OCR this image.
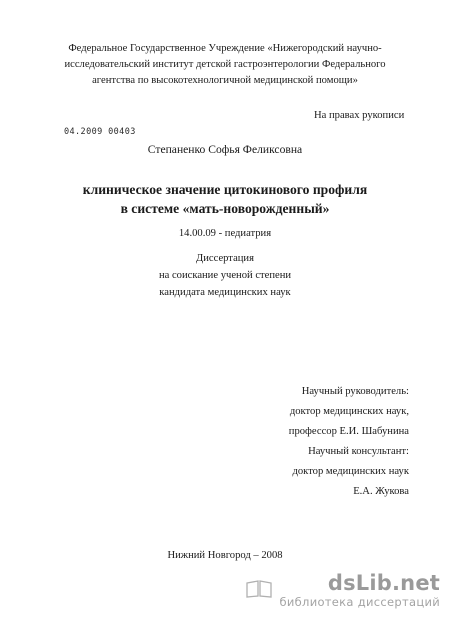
Федеральное Государственное Учреждение «Нижегородский научно-
исследовательский институт детской гастроэнтерологии Федерального
агентства по высокотехнологичной медицинской помощи»
На правах рукописи
04.2009 00403
Степаненко Софья Феликсовна
клиническое значение цитокинового профиля
в системе «мать-новорожденный»
14.00.09 - педиатрия
Диссертация
на соискание ученой степени
кандидата медицинских наук
Научный руководитель:
доктор медицинских наук,
профессор Е.И. Шабунина
Научный консультант:
доктор медицинских наук
Е.А. Жукова
Нижний Новгород – 2008
dsLib.net
библиотека диссертаций
